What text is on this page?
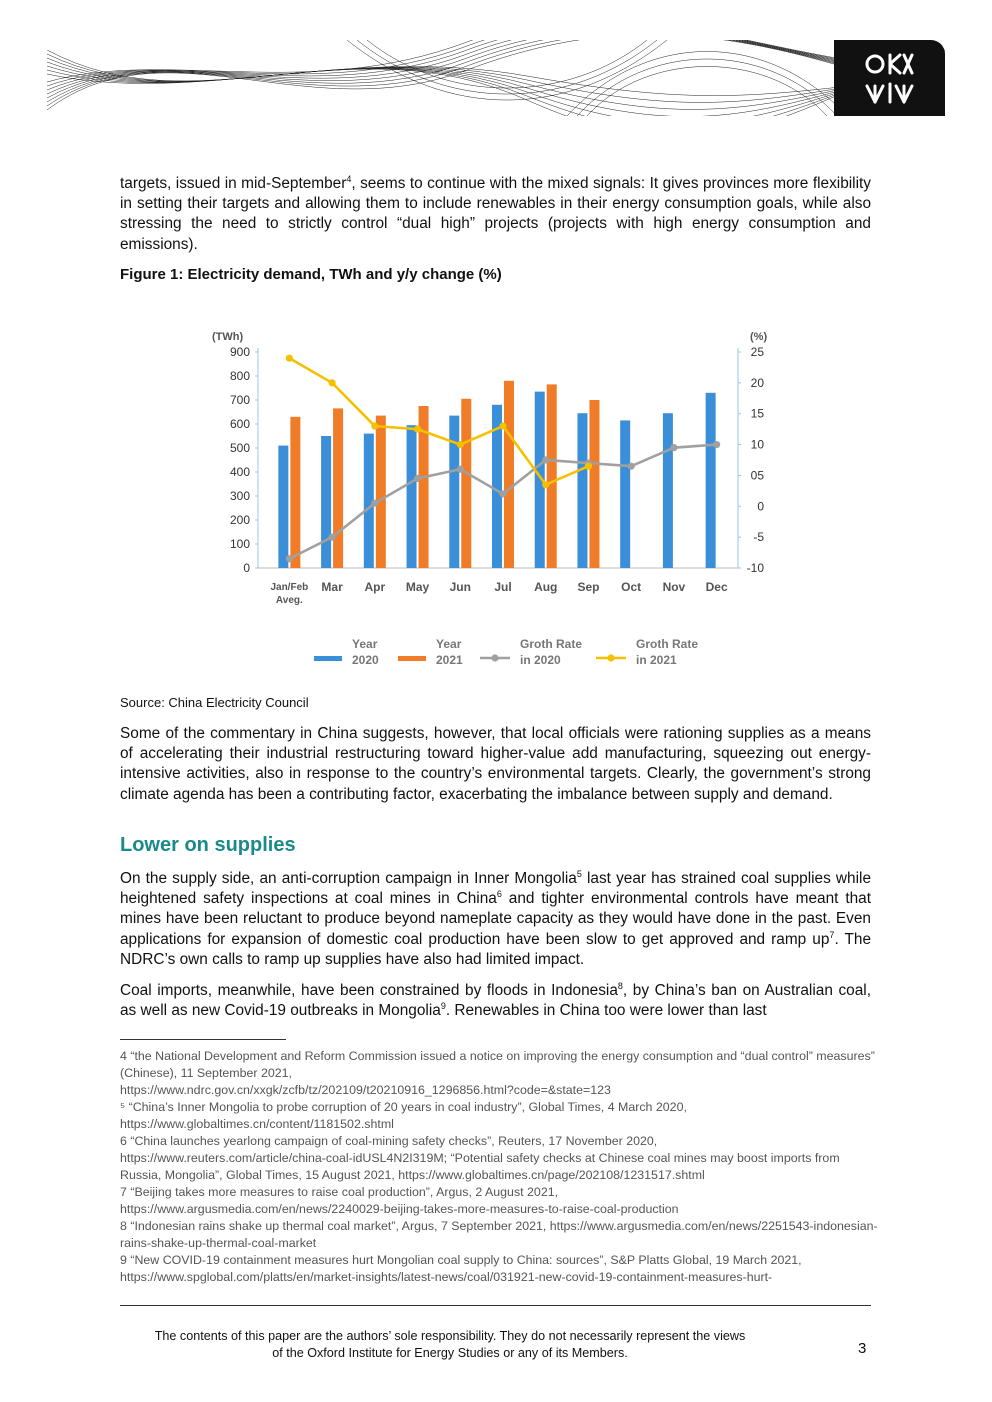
targets, issued in mid-September$^4$, seems to continue with the mixed signals: It gives provinces more flexibility in setting their targets and allowing them to include renewables in their energy consumption goals, while also stressing the need to strictly control “dual high” projects (projects with high energy consumption and emissions).

Figure 1: Electricity demand, TWh and y/y change (%)

900
800
700
600
500
400
300
200
100
0
(TWh)
25
20
15
10
05
0
-5
-10
(%)
Jan/Feb
Aveg.
Mar Apr May Jun Jul Aug Sep Oct Nov Dec
Year
2020
Year
2021
Groth Rate
in 2020
Groth Rate
in 2021

Source: China Electricity Council

Some of the commentary in China suggests, however, that local officials were rationing supplies as a means of accelerating their industrial restructuring toward higher-value add manufacturing, squeezing out energy-intensive activities, also in response to the country’s environmental targets. Clearly, the government’s strong climate agenda has been a contributing factor, exacerbating the imbalance between supply and demand.

Lower on supplies

On the supply side, an anti-corruption campaign in Inner Mongolia$^5$ last year has strained coal supplies while heightened safety inspections at coal mines in China$^6$ and tighter environmental controls have meant that mines have been reluctant to produce beyond nameplate capacity as they would have done in the past. Even applications for expansion of domestic coal production have been slow to get approved and ramp $up^7$. The NDRC’s own calls to ramp up supplies have also had limited impact.

Coal imports, meanwhile, have been constrained by floods in Indonesia$^8$, by China’s ban on Australian coal, as well as new Covid-19 outbreaks in Mongolia$^9$. Renewables in China too were lower than last

4 “the National Development and Reform Commission issued a notice on improving the energy consumption and “dual control” measures” (Chinese), 11 September 2021,

https://www.ndrc.gov.cn/xxgk/zcfb/tz/202109/t20210916_1296856.html?code=&state=123

⁵ “China’s Inner Mongolia to probe corruption of 20 years in coal industry”, Global Times, 4 March 2020,

https://www.globaltimes.cn/content/1181502.shtml

6 “China launches yearlong campaign of coal-mining safety checks”, Reuters, 17 November 2020,

https://www.reuters.com/article/china-coal-idUSL4N2I319M; “Potential safety checks at Chinese coal mines may boost imports from Russia, Mongolia”, Global Times, 15 August 2021, https://www.globaltimes.cn/page/202108/1231517.shtml

7 “Beijing takes more measures to raise coal production”, Argus, 2 August 2021,

https://www.argusmedia.com/en/news/2240029-beijing-takes-more-measures-to-raise-coal-production

8 “Indonesian rains shake up thermal coal market”, Argus, 7 September 2021, https://www.argusmedia.com/en/news/2251543-indonesian-rains-shake-up-thermal-coal-market

9 “New COVID-19 containment measures hurt Mongolian coal supply to China: sources”, S&P Platts Global, 19 March 2021,

https://www.spglobal.com/platts/en/market-insights/latest-news/coal/031921-new-covid-19-containment-measures-hurt-

The contents of this paper are the authors’ sole responsibility. They do not necessarily represent the views
of the Oxford Institute for Energy Studies or any of its Members.	3
